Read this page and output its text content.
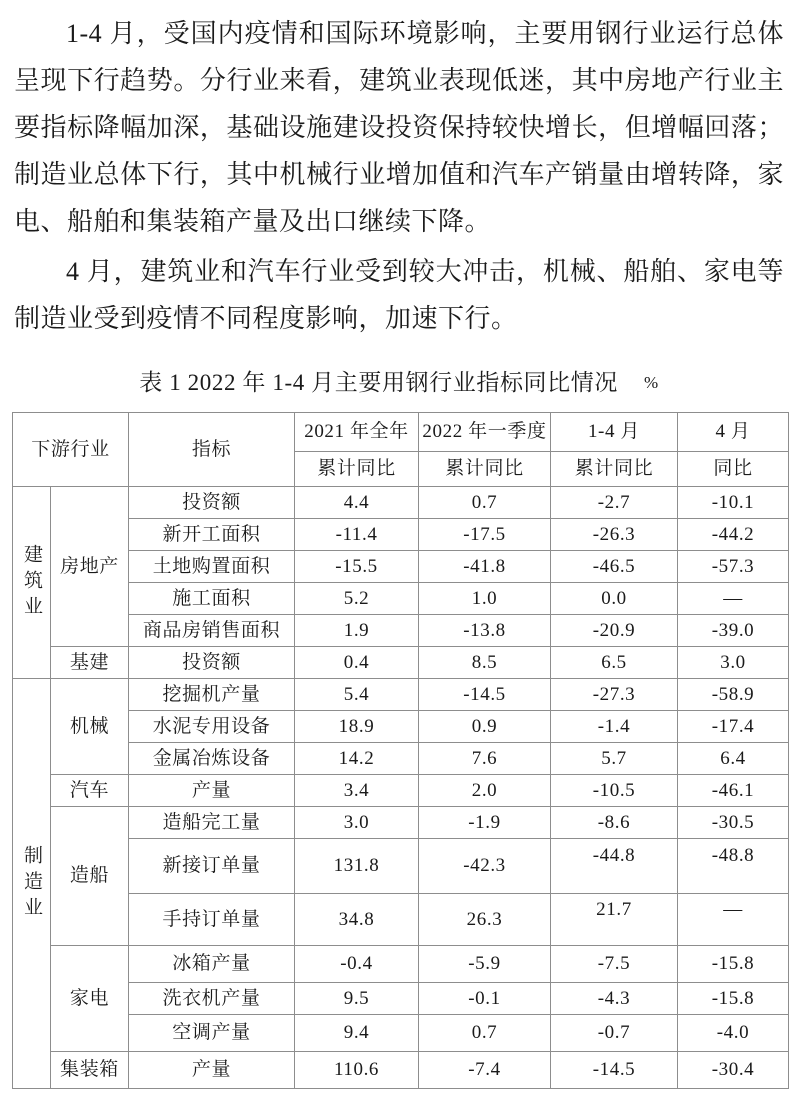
1-4 月，受国内疫情和国际环境影响，主要用钢行业运行总体呈现下行趋势。分行业来看，建筑业表现低迷，其中房地产行业主要指标降幅加深，基础设施建设投资保持较快增长，但增幅回落；制造业总体下行，其中机械行业增加值和汽车产销量由增转降，家电、船舶和集装箱产量及出口继续下降。

4 月，建筑业和汽车行业受到较大冲击，机械、船舶、家电等制造业受到疫情不同程度影响，加速下行。

表 1 2022 年 1-4 月主要用钢行业指标同比情况 %
下游行业		指标	2021 年全年	2022 年一季度	1-4 月	4 月
			累计同比	累计同比	累计同比	同比

建筑业	房地产	投资额	4.4	0.7	-2.7	-10.1
		新开工面积	-11.4	-17.5	-26.3	-44.2
		土地购置面积	-15.5	-41.8	-46.5	-57.3
		施工面积	5.2	1.0	0.0	—
		商品房销售面积	1.9	-13.8	-20.9	-39.0
	基建	投资额	0.4	8.5	6.5	3.0

制造业	机械	挖掘机产量	5.4	-14.5	-27.3	-58.9
		水泥专用设备	18.9	0.9	-1.4	-17.4
		金属冶炼设备	14.2	7.6	5.7	6.4
	汽车	产量	3.4	2.0	-10.5	-46.1
	造船	造船完工量	3.0	-1.9	-8.6	-30.5
		新接订单量	131.8	-42.3	-44.8	-48.8
		手持订单量	34.8	26.3	21.7	—
	家电	冰箱产量	-0.4	-5.9	-7.5	-15.8
		洗衣机产量	9.5	-0.1	-4.3	-15.8
		空调产量	9.4	0.7	-0.7	-4.0
	集装箱	产量	110.6	-7.4	-14.5	-30.4
